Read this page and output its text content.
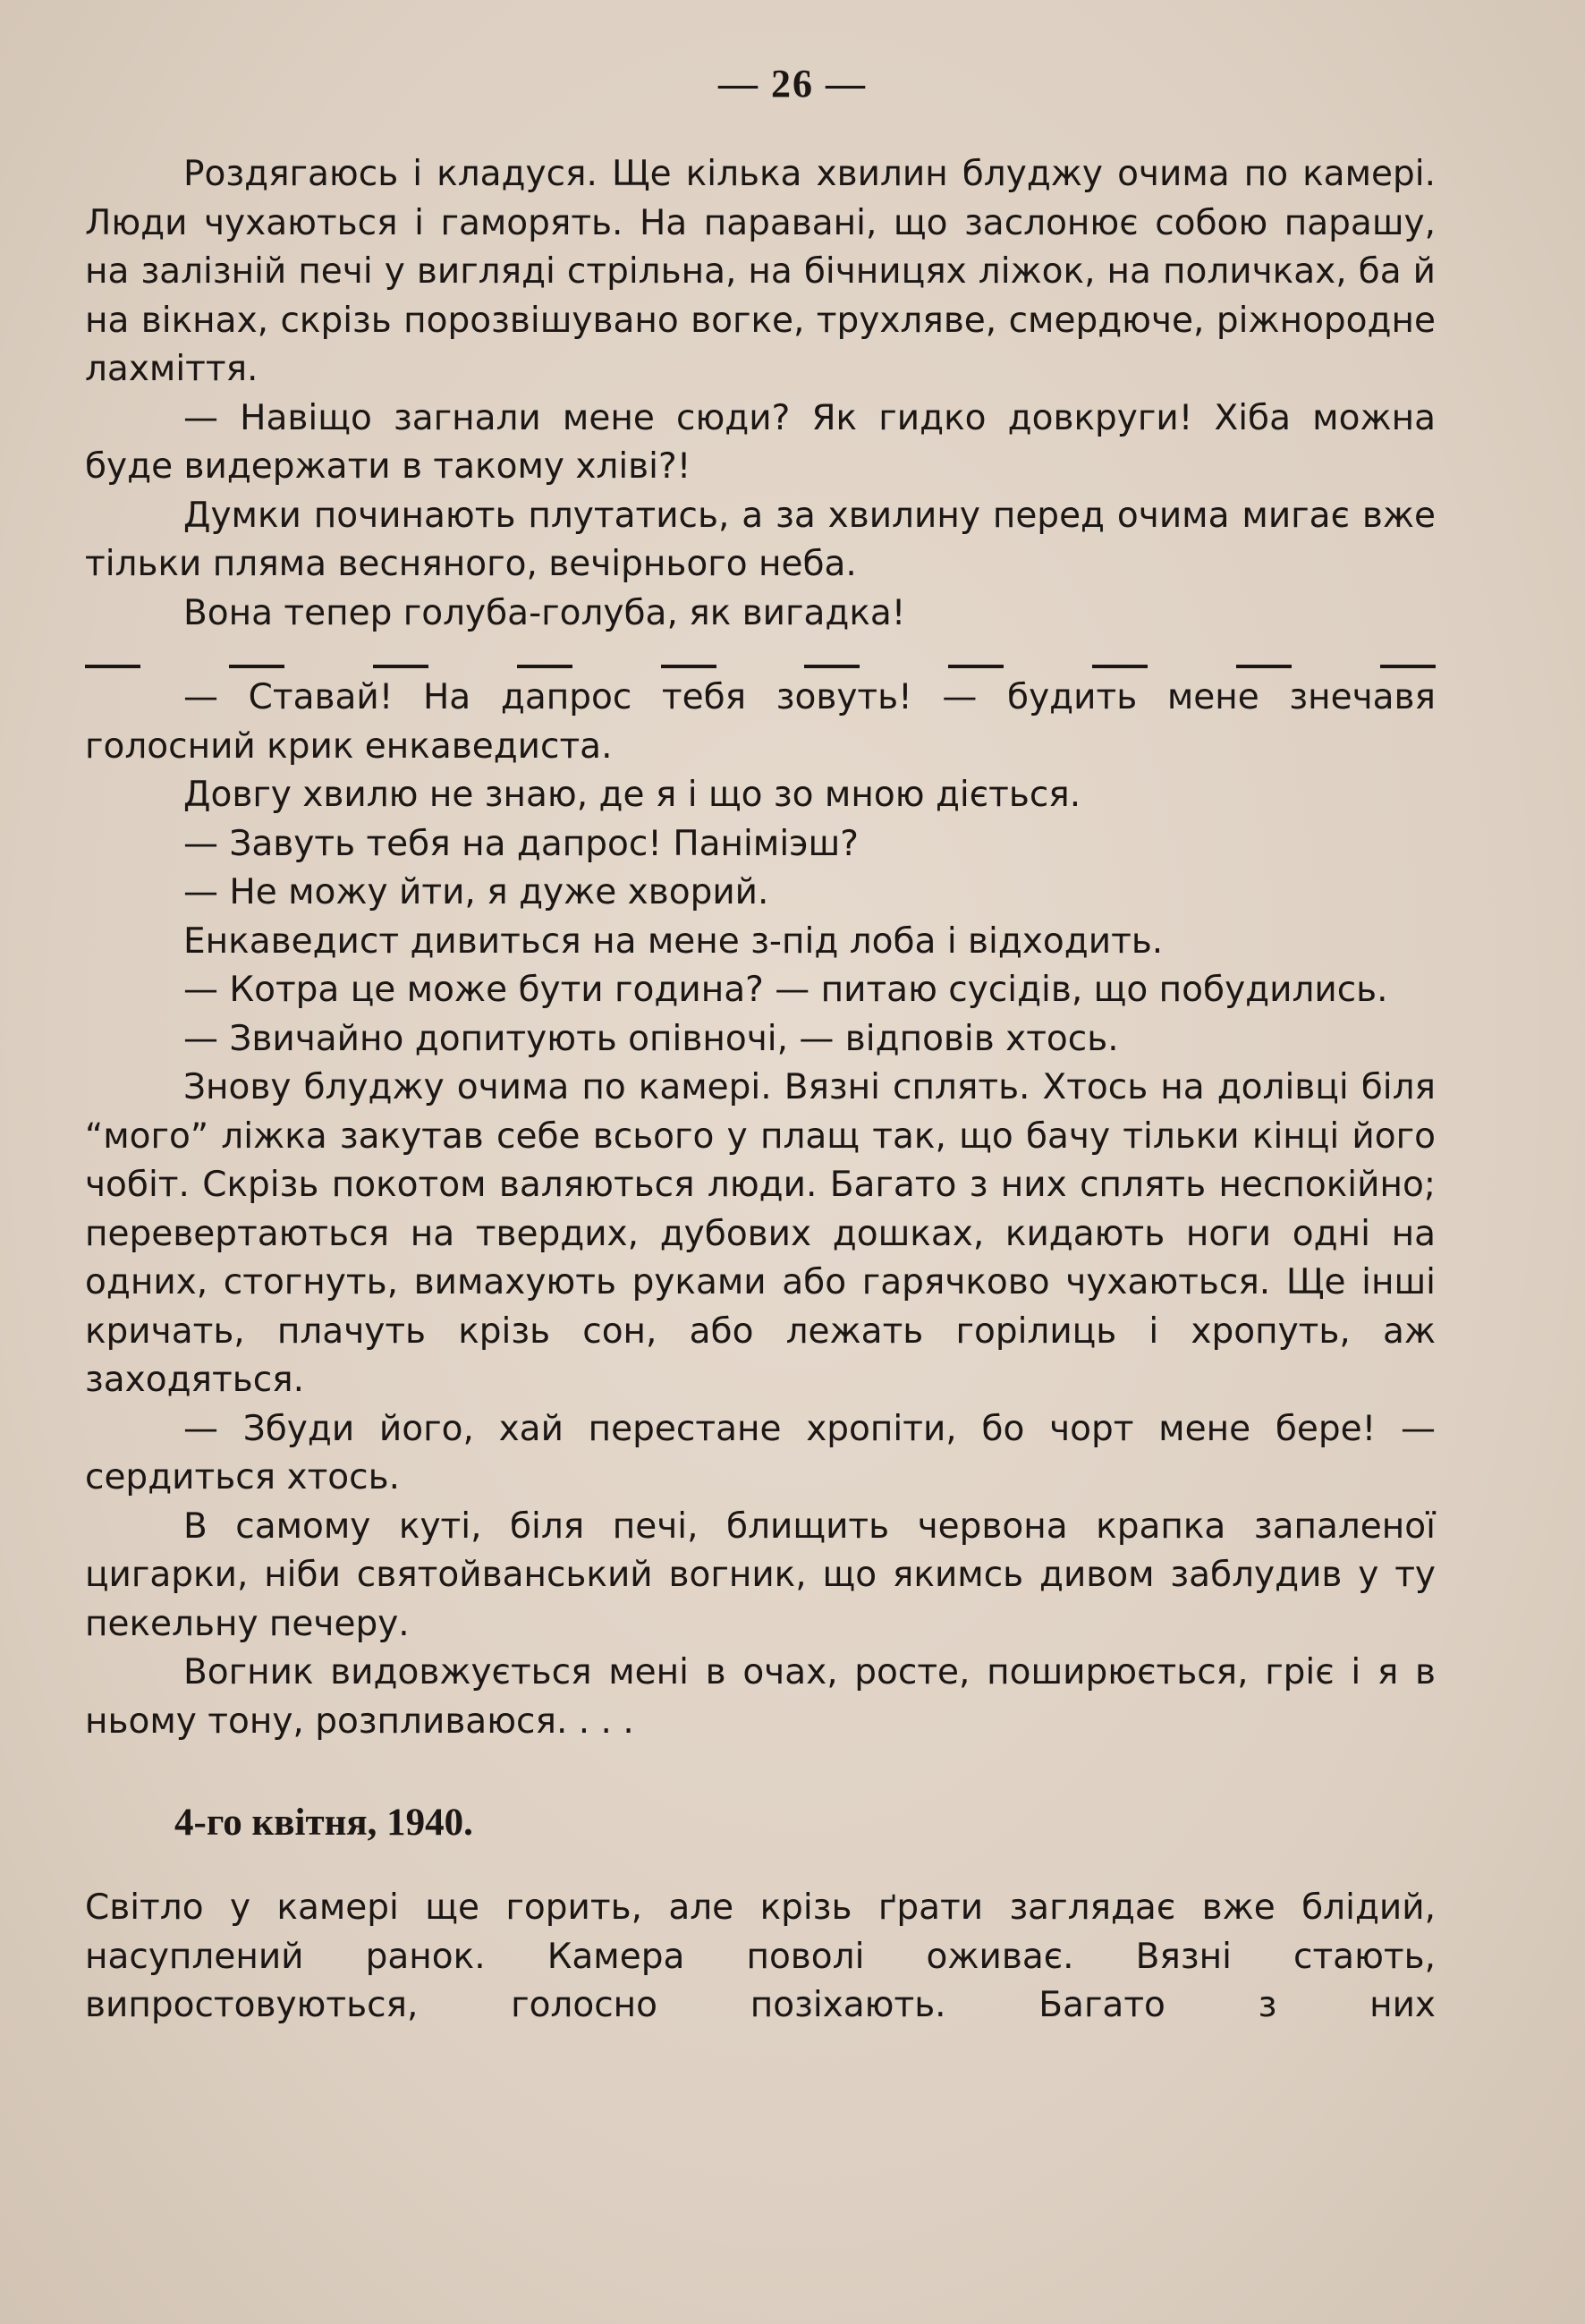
— 26 —

Роздягаюсь і кладуся. Ще кілька хвилин блуджу очима по камері. Люди чухаються і гаморять. На паравані, що заслонює собою парашу, на залізній печі у вигляді стрільна, на бічницях ліжок, на поличках, ба й на вікнах, скрізь порозвішувано вогке, трухляве, смердюче, ріжнородне лахміття.

— Навіщо загнали мене сюди? Як гидко довкруги! Хіба можна буде видержати в такому хліві?!

Думки починають плутатись, а за хвилину перед очима мигає вже тільки пляма весняного, вечірнього неба.

Вона тепер голуба-голуба, як вигадка!

— Ставай! На дапрос тебя зовуть! — будить мене знечавя голосний крик енкаведиста.

Довгу хвилю не знаю, де я і що зо мною діється.

— Завуть тебя на дапрос! Паніміэш?

— Не можу йти, я дуже хворий.

Енкаведист дивиться на мене з-під лоба і відходить.

— Котра це може бути година? — питаю сусідів, що побудились.

— Звичайно допитують опівночі, — відповів хтось.

Знову блуджу очима по камері. Вязні сплять. Хтось на долівці біля “мого” ліжка закутав себе всього у плащ так, що бачу тільки кінці його чобіт. Скрізь покотом валяються люди. Багато з них сплять неспокійно; перевертаються на твердих, дубових дошках, кидають ноги одні на одних, стогнуть, вимахують руками або гарячково чухаються. Ще інші кричать, плачуть крізь сон, або лежать горілиць і хропуть, аж заходяться.

— Збуди його, хай перестане хропіти, бо чорт мене бере! — сердиться хтось.

В самому куті, біля печі, блищить червона крапка запаленої цигарки, ніби святойванський вогник, що якимсь дивом заблудив у ту пекельну печеру.

Вогник видовжується мені в очах, росте, поширюється, гріє і я в ньому тону, розпливаюся. . . .

4-го квітня, 1940.

Світло у камері ще горить, але крізь ґрати заглядає вже блідий, насуплений ранок. Камера поволі оживає. Вязні стають, випростовуються, голосно позіхають. Багато з них
